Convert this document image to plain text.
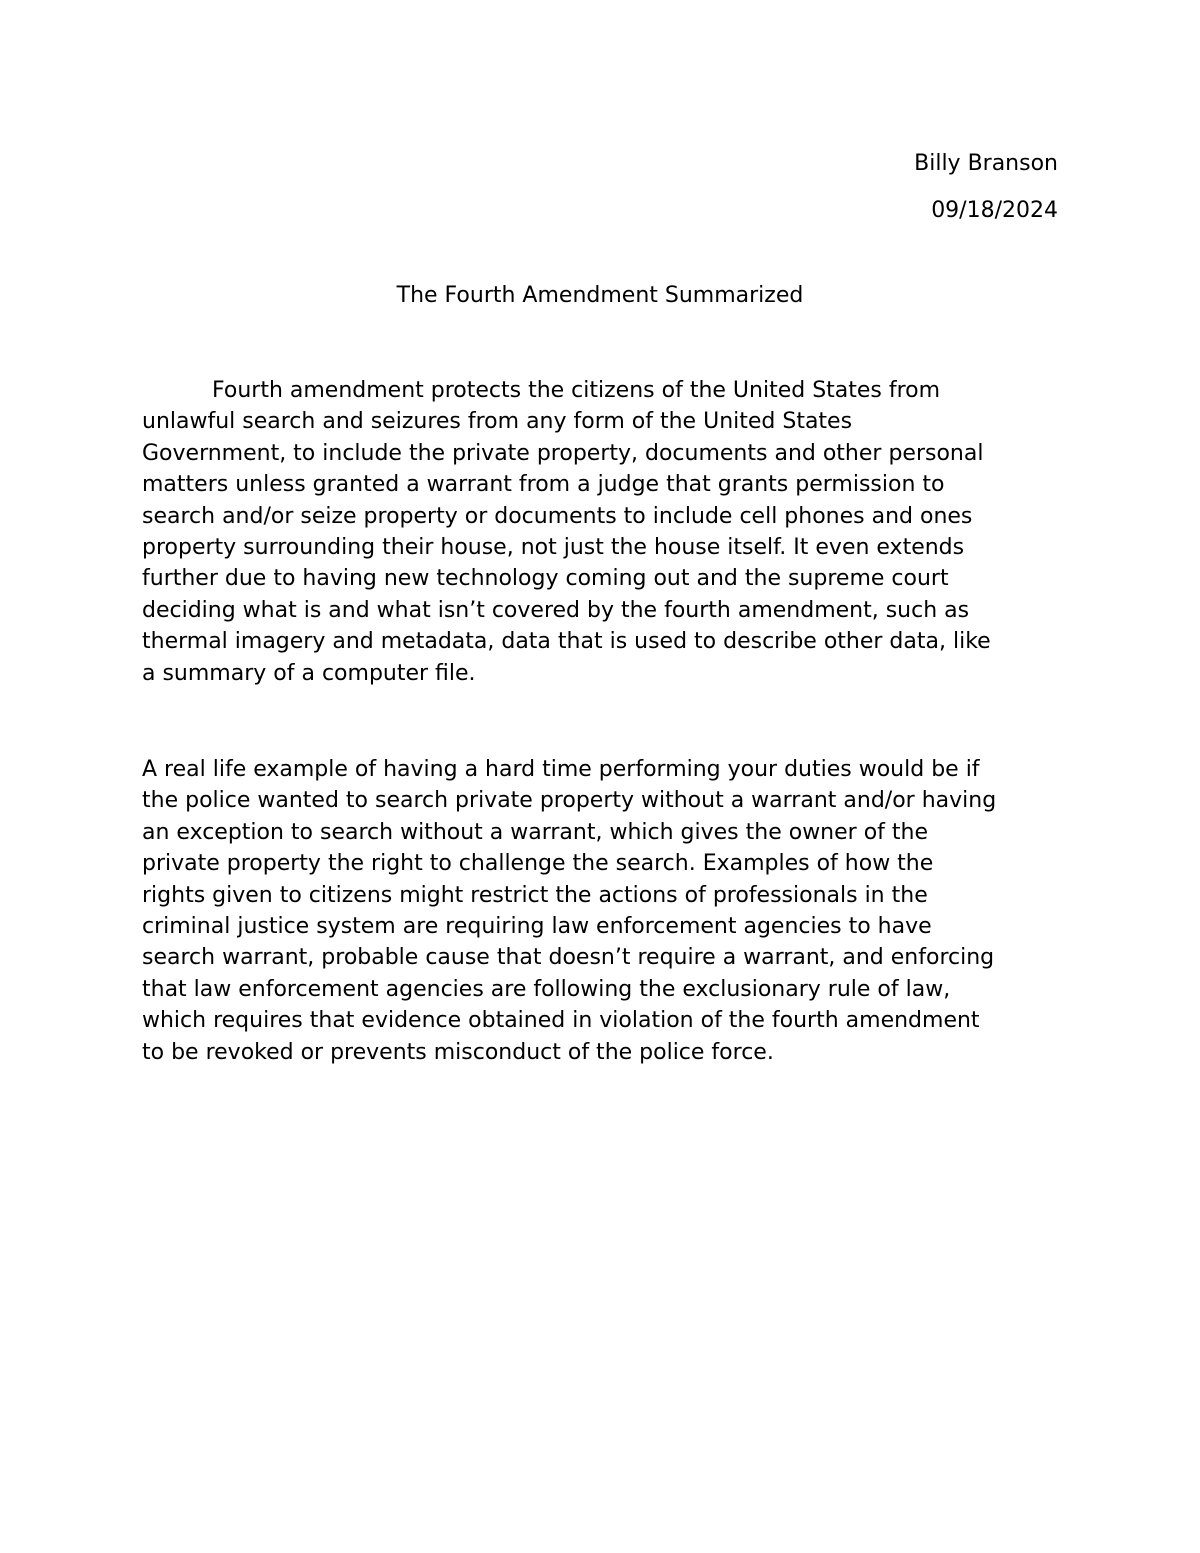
Billy Branson
09/18/2024
The Fourth Amendment Summarized
Fourth amendment protects the citizens of the United States from
unlawful search and seizures from any form of the United States
Government, to include the private property, documents and other personal
matters unless granted a warrant from a judge that grants permission to
search and/or seize property or documents to include cell phones and ones
property surrounding their house, not just the house itself. It even extends
further due to having new technology coming out and the supreme court
deciding what is and what isn’t covered by the fourth amendment, such as
thermal imagery and metadata, data that is used to describe other data, like
a summary of a computer file.
A real life example of having a hard time performing your duties would be if
the police wanted to search private property without a warrant and/or having
an exception to search without a warrant, which gives the owner of the
private property the right to challenge the search. Examples of how the
rights given to citizens might restrict the actions of professionals in the
criminal justice system are requiring law enforcement agencies to have
search warrant, probable cause that doesn’t require a warrant, and enforcing
that law enforcement agencies are following the exclusionary rule of law,
which requires that evidence obtained in violation of the fourth amendment
to be revoked or prevents misconduct of the police force.
